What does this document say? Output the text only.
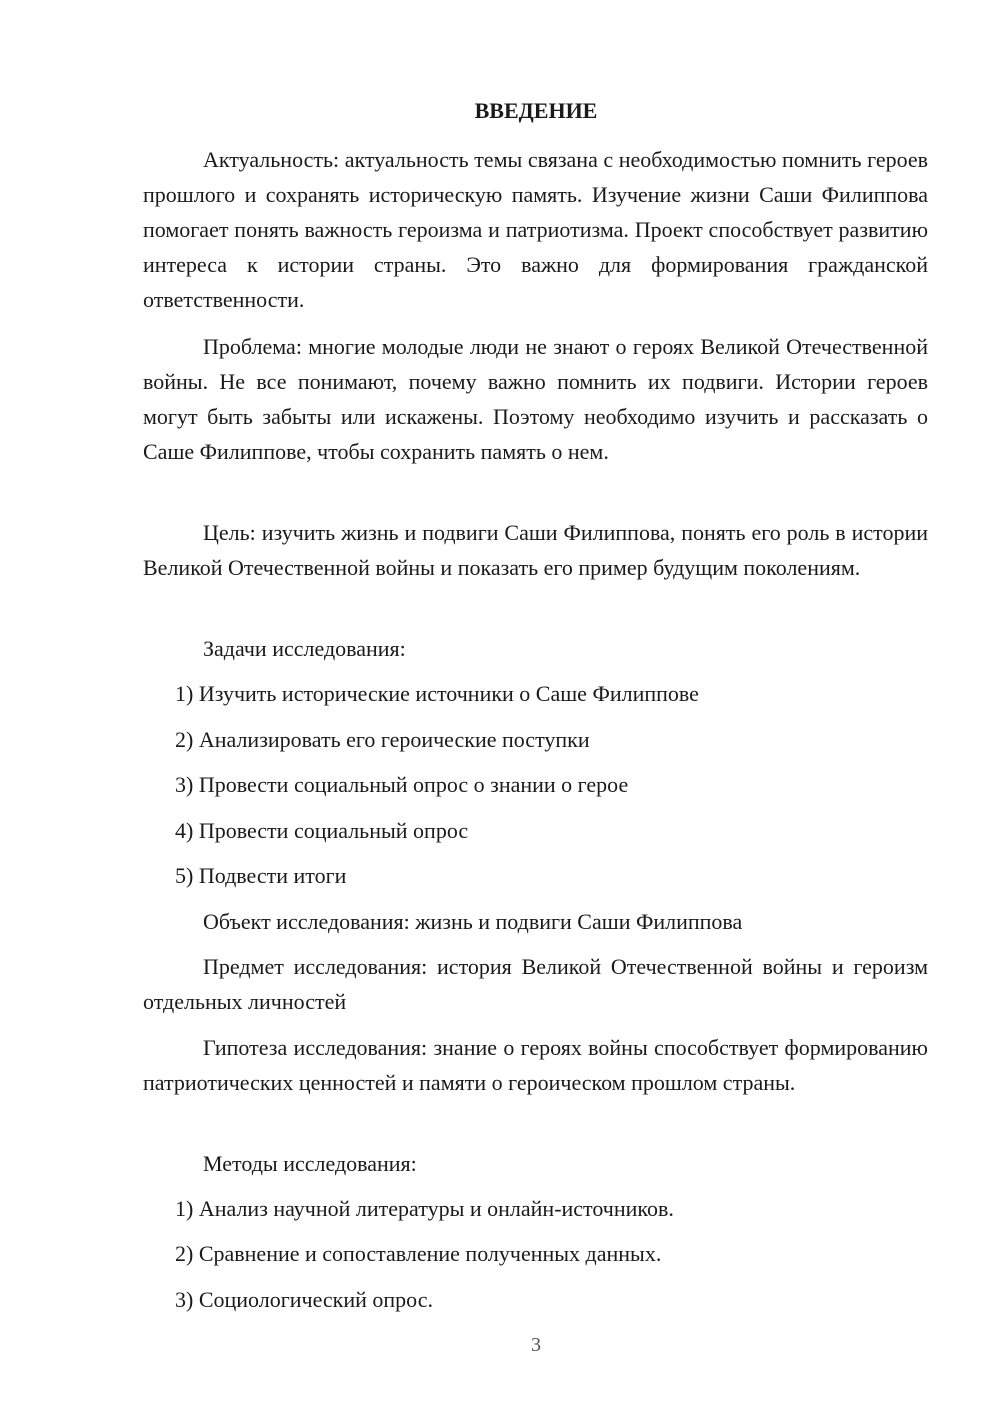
ВВЕДЕНИЕ

Актуальность: актуальность темы связана с необходимостью помнить героев прошлого и сохранять историческую память. Изучение жизни Саши Филиппова помогает понять важность героизма и патриотизма. Проект способствует развитию интереса к истории страны. Это важно для формирования гражданской ответственности.

Проблема: многие молодые люди не знают о героях Великой Отечественной войны. Не все понимают, почему важно помнить их подвиги. Истории героев могут быть забыты или искажены. Поэтому необходимо изучить и рассказать о Саше Филиппове, чтобы сохранить память о нем.

Цель: изучить жизнь и подвиги Саши Филиппова, понять его роль в истории Великой Отечественной войны и показать его пример будущим поколениям.

Задачи исследования:

1) Изучить исторические источники о Саше Филиппове
2) Анализировать его героические поступки
3) Провести социальный опрос о знании о герое
4) Провести социальный опрос
5) Подвести итоги

Объект исследования: жизнь и подвиги Саши Филиппова

Предмет исследования: история Великой Отечественной войны и героизм отдельных личностей

Гипотеза исследования: знание о героях войны способствует формированию патриотических ценностей и памяти о героическом прошлом страны.

Методы исследования:

1) Анализ научной литературы и онлайн-источников.
2) Сравнение и сопоставление полученных данных.
3) Социологический опрос.
3
